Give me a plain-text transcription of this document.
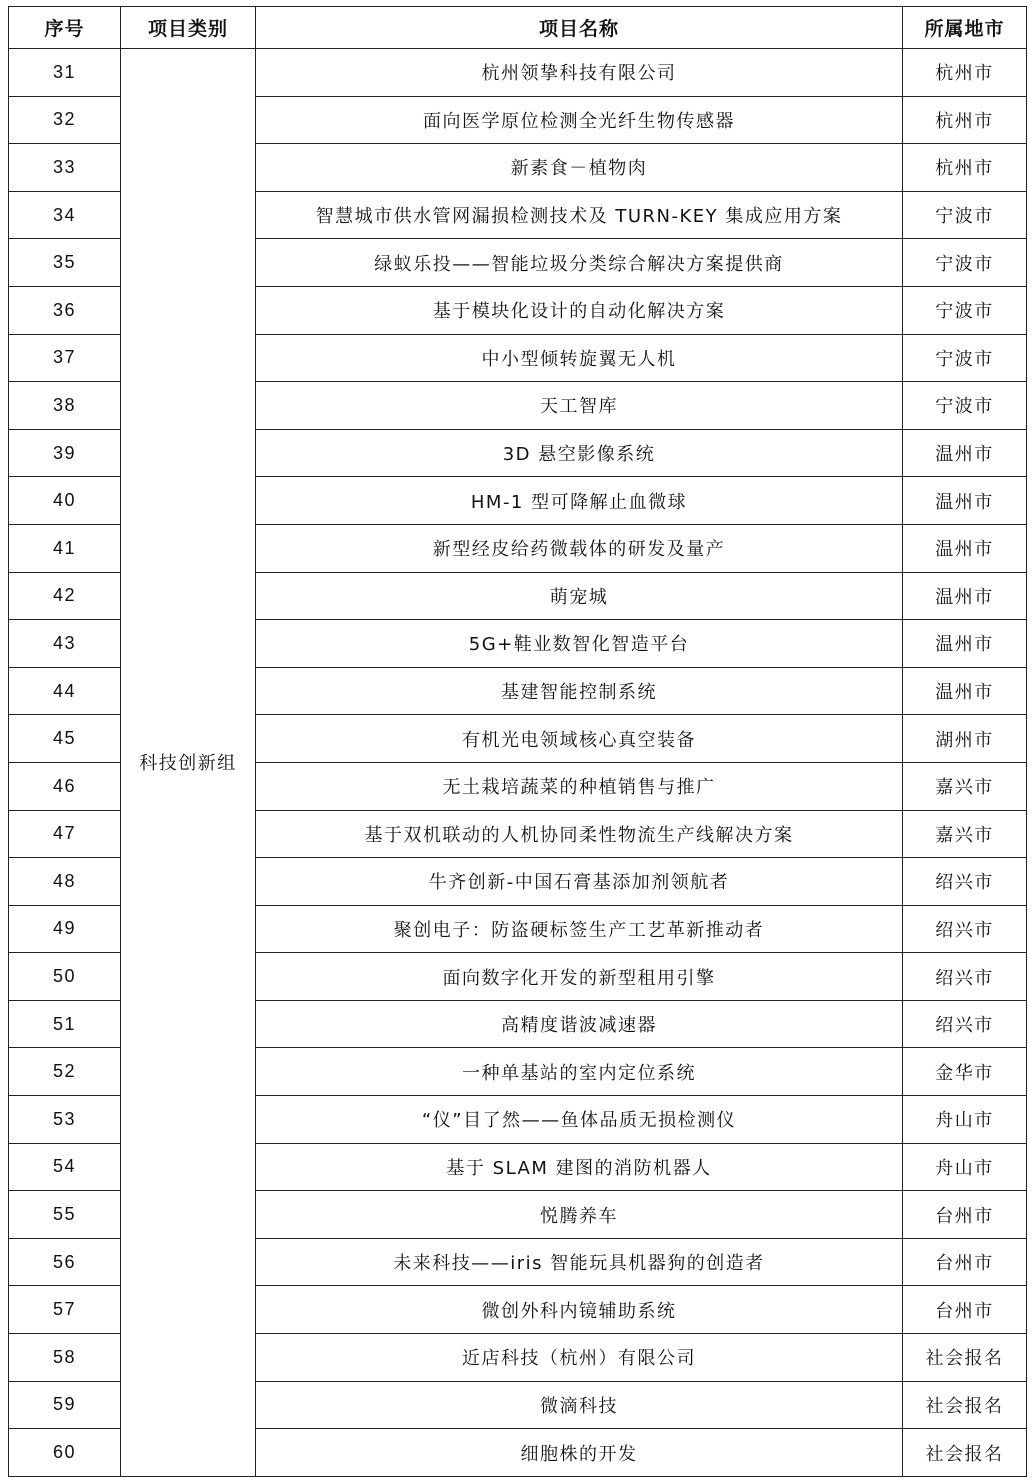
序号	项目类别	项目名称	所属地市
31	科技创新组	杭州领挚科技有限公司	杭州市
32		面向医学原位检测全光纤生物传感器	杭州市
33		新素食－植物肉	杭州市
34		智慧城市供水管网漏损检测技术及 TURN-KEY 集成应用方案	宁波市
35		绿蚁乐投——智能垃圾分类综合解决方案提供商	宁波市
36		基于模块化设计的自动化解决方案	宁波市
37		中小型倾转旋翼无人机	宁波市
38		天工智库	宁波市
39		3D 悬空影像系统	温州市
40		HM-1 型可降解止血微球	温州市
41		新型经皮给药微载体的研发及量产	温州市
42		萌宠城	温州市
43		5G+鞋业数智化智造平台	温州市
44		基建智能控制系统	温州市
45		有机光电领域核心真空装备	湖州市
46		无土栽培蔬菜的种植销售与推广	嘉兴市
47		基于双机联动的人机协同柔性物流生产线解决方案	嘉兴市
48		牛齐创新-中国石膏基添加剂领航者	绍兴市
49		聚创电子：防盗硬标签生产工艺革新推动者	绍兴市
50		面向数字化开发的新型租用引擎	绍兴市
51		高精度谐波减速器	绍兴市
52		一种单基站的室内定位系统	金华市
53		“仪”目了然——鱼体品质无损检测仪	舟山市
54		基于 SLAM 建图的消防机器人	舟山市
55		悦腾养车	台州市
56		未来科技——iris 智能玩具机器狗的创造者	台州市
57		微创外科内镜辅助系统	台州市
58		近店科技（杭州）有限公司	社会报名
59		微滴科技	社会报名
60		细胞株的开发	社会报名
